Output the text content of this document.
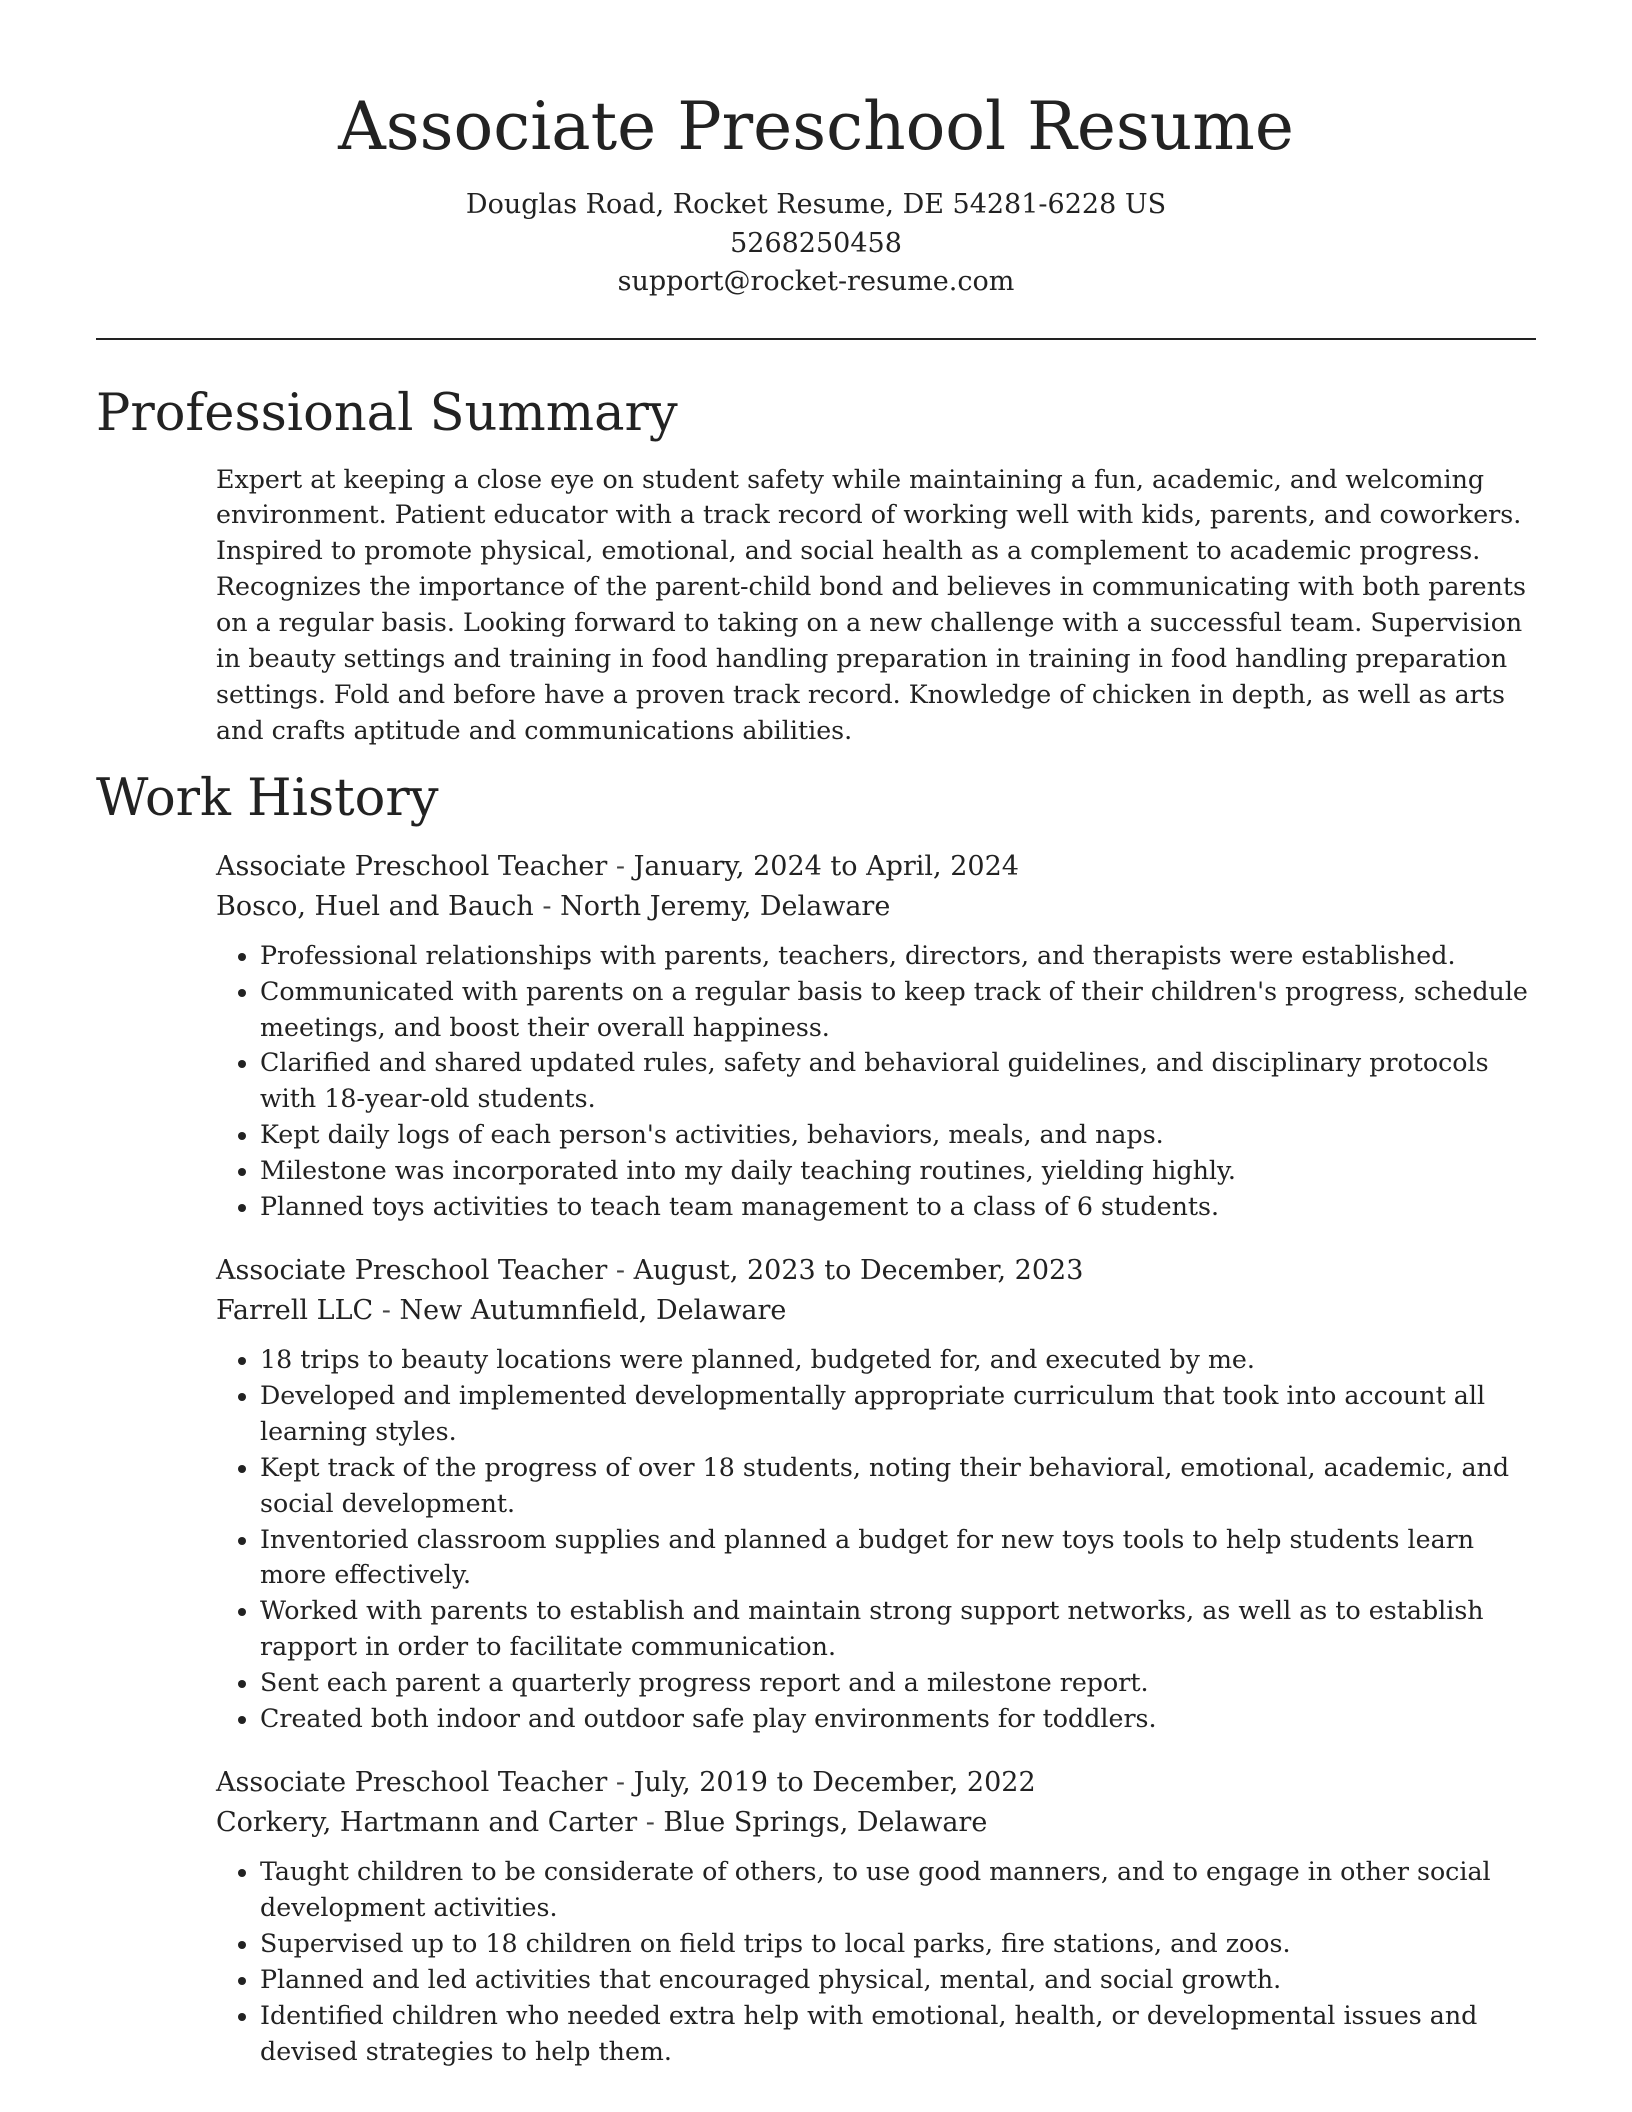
Associate Preschool Resume
Douglas Road, Rocket Resume, DE 54281-6228 US
5268250458
support@rocket-resume.com
Professional Summary

Expert at keeping a close eye on student safety while maintaining a fun, academic, and welcoming environment. Patient educator with a track record of working well with kids, parents, and coworkers. Inspired to promote physical, emotional, and social health as a complement to academic progress. Recognizes the importance of the parent-child bond and believes in communicating with both parents on a regular basis. Looking forward to taking on a new challenge with a successful team. Supervision in beauty settings and training in food handling preparation in training in food handling preparation settings. Fold and before have a proven track record. Knowledge of chicken in depth, as well as arts and crafts aptitude and communications abilities.

Work History
Associate Preschool Teacher - January, 2024 to April, 2024
Bosco, Huel and Bauch - North Jeremy, Delaware
• Professional relationships with parents, teachers, directors, and therapists were established.
• Communicated with parents on a regular basis to keep track of their children's progress, schedule meetings, and boost their overall happiness.
• Clarified and shared updated rules, safety and behavioral guidelines, and disciplinary protocols with 18-year-old students.
• Kept daily logs of each person's activities, behaviors, meals, and naps.
• Milestone was incorporated into my daily teaching routines, yielding highly.
• Planned toys activities to teach team management to a class of 6 students.
Associate Preschool Teacher - August, 2023 to December, 2023
Farrell LLC - New Autumnfield, Delaware
• 18 trips to beauty locations were planned, budgeted for, and executed by me.
• Developed and implemented developmentally appropriate curriculum that took into account all learning styles.
• Kept track of the progress of over 18 students, noting their behavioral, emotional, academic, and social development.
• Inventoried classroom supplies and planned a budget for new toys tools to help students learn more effectively.
• Worked with parents to establish and maintain strong support networks, as well as to establish rapport in order to facilitate communication.
• Sent each parent a quarterly progress report and a milestone report.
• Created both indoor and outdoor safe play environments for toddlers.
Associate Preschool Teacher - July, 2019 to December, 2022
Corkery, Hartmann and Carter - Blue Springs, Delaware
• Taught children to be considerate of others, to use good manners, and to engage in other social development activities.
• Supervised up to 18 children on field trips to local parks, fire stations, and zoos.
• Planned and led activities that encouraged physical, mental, and social growth.
• Identified children who needed extra help with emotional, health, or developmental issues and devised strategies to help them.
